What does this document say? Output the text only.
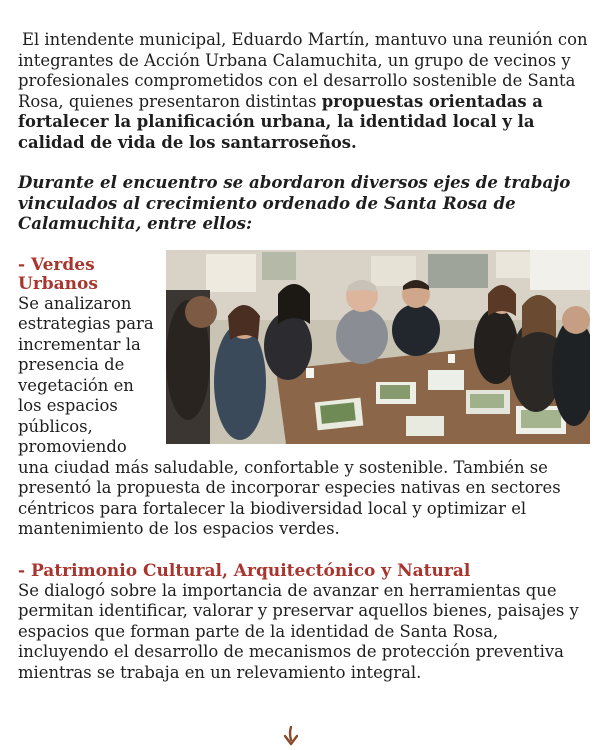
El intendente municipal, Eduardo Martín, mantuvo una reunión con integrantes de Acción Urbana Calamuchita, un grupo de vecinos y profesionales comprometidos con el desarrollo sostenible de Santa Rosa, quienes presentaron distintas propuestas orientadas a fortalecer la planificación urbana, la identidad local y la calidad de vida de los santarroseños.

Durante el encuentro se abordaron diversos ejes de trabajo vinculados al crecimiento ordenado de Santa Rosa de Calamuchita, entre ellos:

- Verdes Urbanos

Se analizaron estrategias para incrementar la presencia de vegetación en los espacios públicos, promoviendo una ciudad más saludable, confortable y sostenible. También se presentó la propuesta de incorporar especies nativas en sectores céntricos para fortalecer la biodiversidad local y optimizar el mantenimiento de los espacios verdes.

- Patrimonio Cultural, Arquitectónico y Natural

Se dialogó sobre la importancia de avanzar en herramientas que permitan identificar, valorar y preservar aquellos bienes, paisajes y espacios que forman parte de la identidad de Santa Rosa, incluyendo el desarrollo de mecanismos de protección preventiva mientras se trabaja en un relevamiento integral.
